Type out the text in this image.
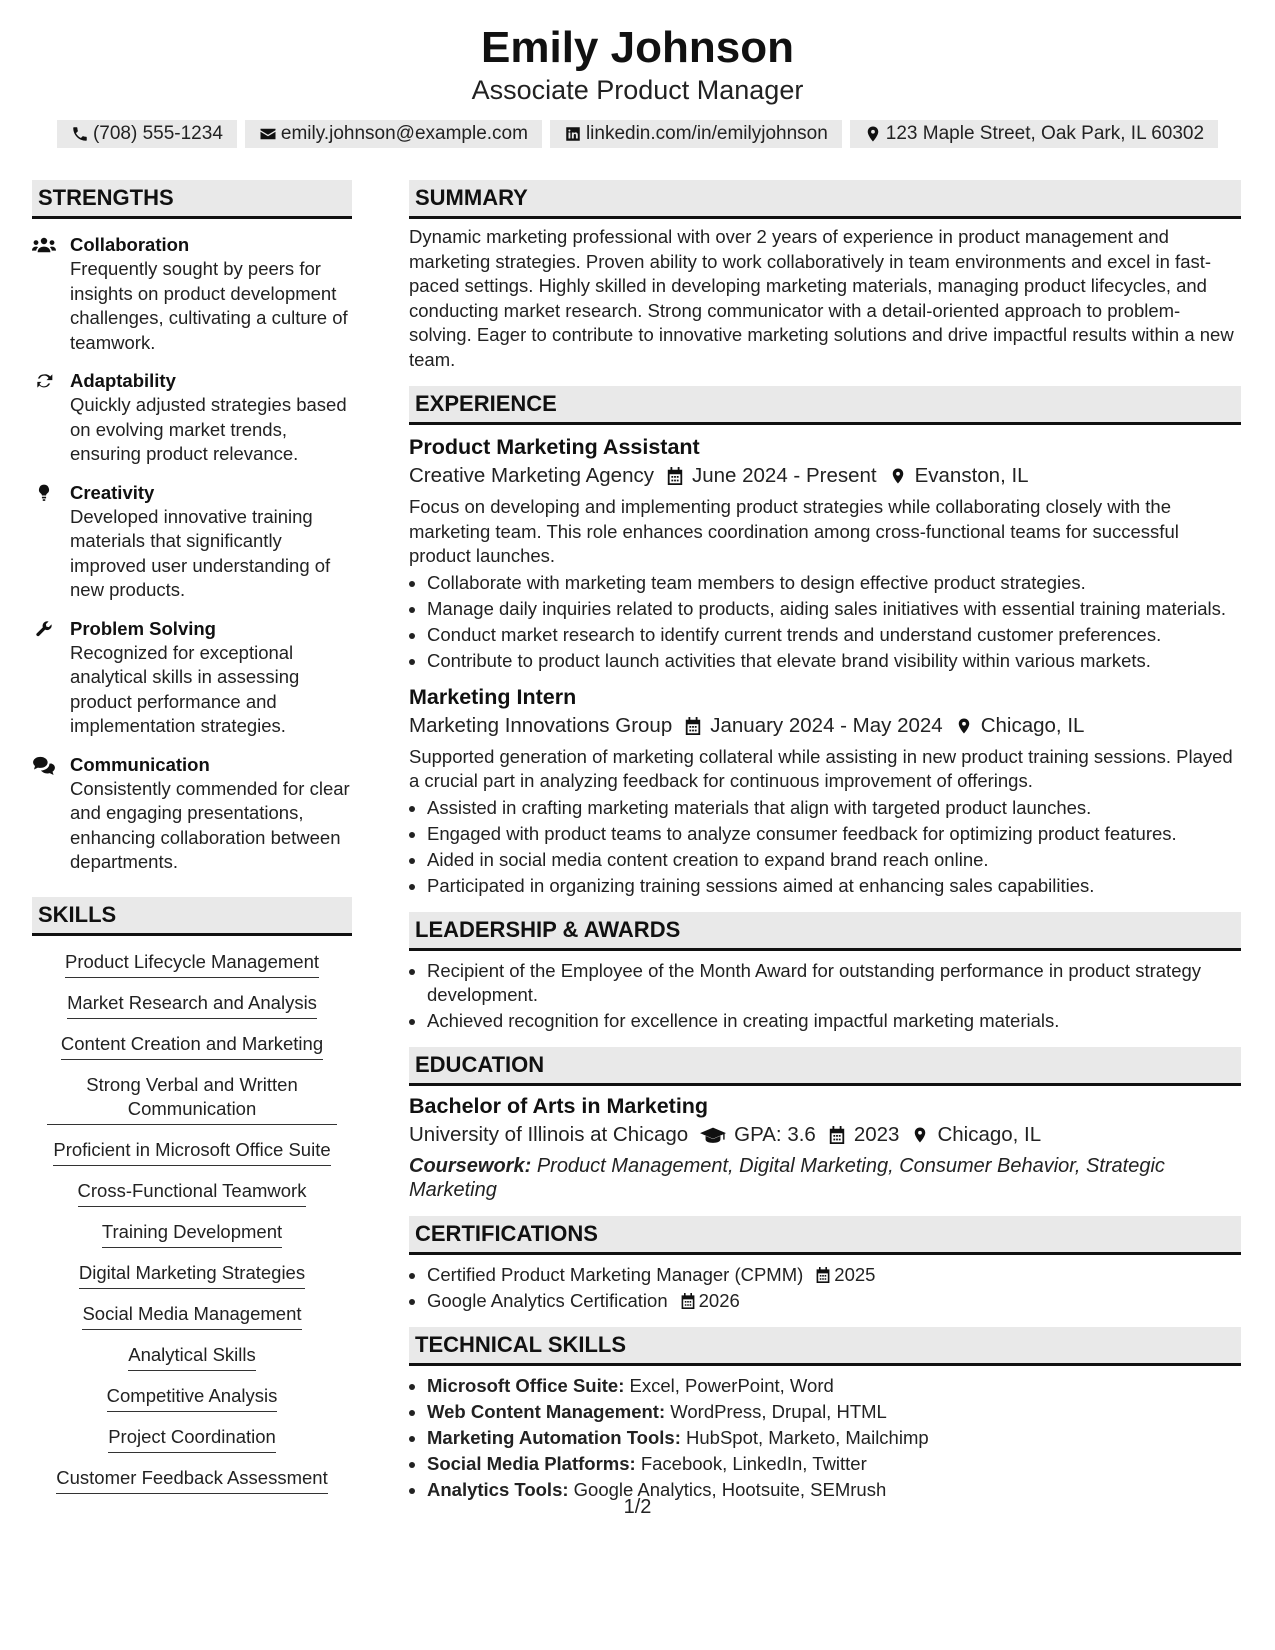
Emily Johnson
Associate Product Manager
(708) 555-1234	emily.johnson@example.com	linkedin.com/in/emilyjohnson	123 Maple Street, Oak Park, IL 60302
STRENGTHS
Collaboration
Frequently sought by peers for insights on product development challenges, cultivating a culture of teamwork.
Adaptability
Quickly adjusted strategies based on evolving market trends, ensuring product relevance.
Creativity
Developed innovative training materials that significantly improved user understanding of new products.
Problem Solving
Recognized for exceptional analytical skills in assessing product performance and implementation strategies.
Communication
Consistently commended for clear and engaging presentations, enhancing collaboration between departments.
SKILLS
Product Lifecycle Management
Market Research and Analysis
Content Creation and Marketing
Strong Verbal and Written Communication
Proficient in Microsoft Office Suite
Cross-Functional Teamwork
Training Development
Digital Marketing Strategies
Social Media Management
Analytical Skills
Competitive Analysis
Project Coordination
Customer Feedback Assessment
SUMMARY

Dynamic marketing professional with over 2 years of experience in product management and marketing strategies. Proven ability to work collaboratively in team environments and excel in fast-paced settings. Highly skilled in developing marketing materials, managing product lifecycles, and conducting market research. Strong communicator with a detail-oriented approach to problem-solving. Eager to contribute to innovative marketing solutions and drive impactful results within a new team.

EXPERIENCE
Product Marketing Assistant
Creative Marketing Agency June 2024 - Present Evanston, IL

Focus on developing and implementing product strategies while collaborating closely with the marketing team. This role enhances coordination among cross-functional teams for successful product launches.

• Collaborate with marketing team members to design effective product strategies.
• Manage daily inquiries related to products, aiding sales initiatives with essential training materials.
• Conduct market research to identify current trends and understand customer preferences.
• Contribute to product launch activities that elevate brand visibility within various markets.
Marketing Intern
Marketing Innovations Group January 2024 - May 2024 Chicago, IL

Supported generation of marketing collateral while assisting in new product training sessions. Played a crucial part in analyzing feedback for continuous improvement of offerings.

• Assisted in crafting marketing materials that align with targeted product launches.
• Engaged with product teams to analyze consumer feedback for optimizing product features.
• Aided in social media content creation to expand brand reach online.
• Participated in organizing training sessions aimed at enhancing sales capabilities.
LEADERSHIP & AWARDS
• Recipient of the Employee of the Month Award for outstanding performance in product strategy development.
• Achieved recognition for excellence in creating impactful marketing materials.
EDUCATION
Bachelor of Arts in Marketing
University of Illinois at Chicago GPA: 3.6 2023 Chicago, IL
Coursework: Product Management, Digital Marketing, Consumer Behavior, Strategic Marketing
CERTIFICATIONS
• Certified Product Marketing Manager (CPMM) 2025
• Google Analytics Certification 2026
TECHNICAL SKILLS
• Microsoft Office Suite: Excel, PowerPoint, Word
• Web Content Management: WordPress, Drupal, HTML
• Marketing Automation Tools: HubSpot, Marketo, Mailchimp
• Social Media Platforms: Facebook, LinkedIn, Twitter
• Analytics Tools: Google Analytics, Hootsuite, SEMrush
1/2
